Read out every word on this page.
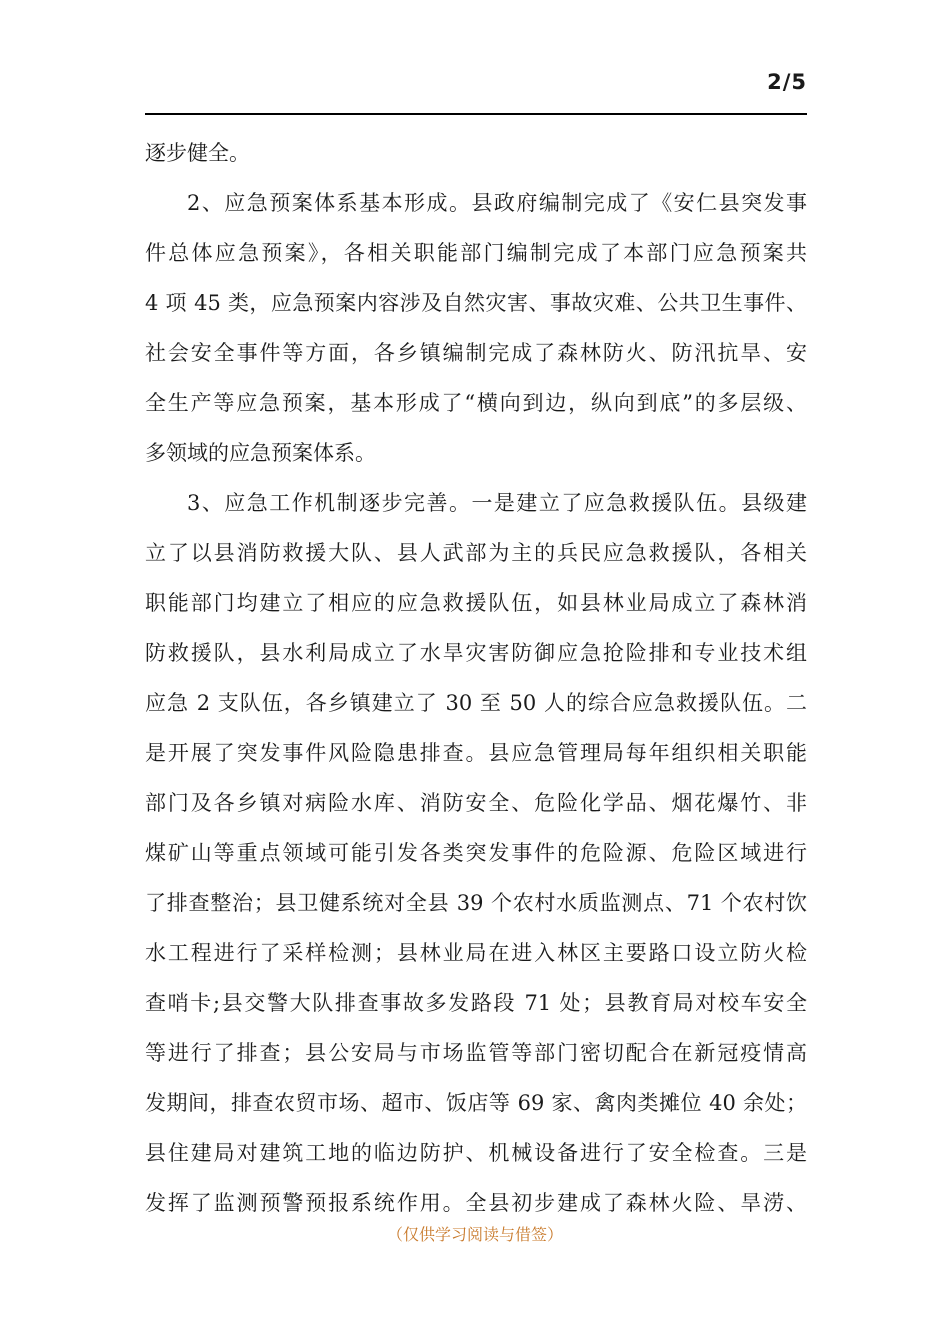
2/5
逐步健全。
2、应急预案体系基本形成。县政府编制完成了《安仁县突发事
件总体应急预案》，各相关职能部门编制完成了本部门应急预案共
4 项 45 类，应急预案内容涉及自然灾害、事故灾难、公共卫生事件、
社会安全事件等方面，各乡镇编制完成了森林防火、防汛抗旱、安
全生产等应急预案，基本形成了“横向到边，纵向到底”的多层级、
多领域的应急预案体系。
3、应急工作机制逐步完善。一是建立了应急救援队伍。县级建
立了以县消防救援大队、县人武部为主的兵民应急救援队，各相关
职能部门均建立了相应的应急救援队伍，如县林业局成立了森林消
防救援队，县水利局成立了水旱灾害防御应急抢险排和专业技术组
应急 2 支队伍，各乡镇建立了 30 至 50 人的综合应急救援队伍。二
是开展了突发事件风险隐患排查。县应急管理局每年组织相关职能
部门及各乡镇对病险水库、消防安全、危险化学品、烟花爆竹、非
煤矿山等重点领域可能引发各类突发事件的危险源、危险区域进行
了排查整治；县卫健系统对全县 39 个农村水质监测点、71 个农村饮
水工程进行了采样检测；县林业局在进入林区主要路口设立防火检
查哨卡;县交警大队排查事故多发路段 71 处；县教育局对校车安全
等进行了排查；县公安局与市场监管等部门密切配合在新冠疫情高
发期间，排查农贸市场、超市、饭店等 69 家、禽肉类摊位 40 余处；
县住建局对建筑工地的临边防护、机械设备进行了安全检查。三是
发挥了监测预警预报系统作用。全县初步建成了森林火险、旱涝、
（仅供学习阅读与借签）
